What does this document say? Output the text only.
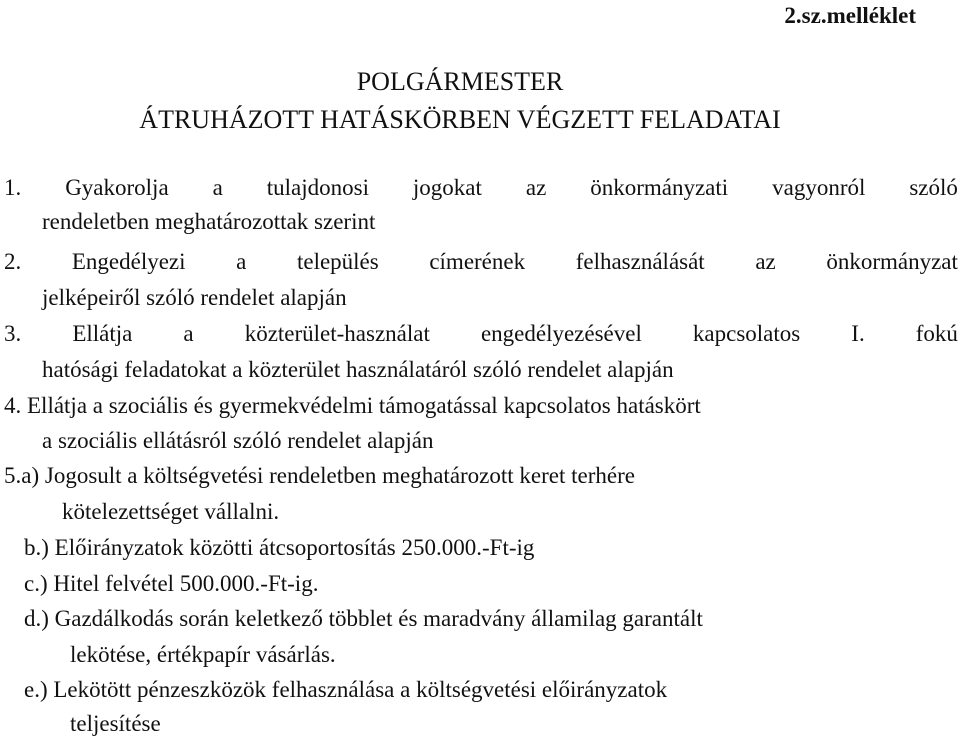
2.sz.melléklet
POLGÁRMESTER
ÁTRUHÁZOTT HATÁSKÖRBEN VÉGZETT FELADATAI
1. Gyakorolja a tulajdonosi jogokat az önkormányzati vagyonról szóló
rendeletben meghatározottak szerint
2. Engedélyezi a település címerének felhasználását az önkormányzat
jelképeiről szóló rendelet alapján
3. Ellátja a közterület-használat engedélyezésével kapcsolatos I. fokú
hatósági feladatokat a közterület használatáról szóló rendelet alapján
4. Ellátja a szociális és gyermekvédelmi támogatással kapcsolatos hatáskört
a szociális ellátásról szóló rendelet alapján
5.a) Jogosult a költségvetési rendeletben meghatározott keret terhére
kötelezettséget vállalni.
b.) Előirányzatok közötti átcsoportosítás 250.000.-Ft-ig
c.) Hitel felvétel 500.000.-Ft-ig.
d.) Gazdálkodás során keletkező többlet és maradvány államilag garantált
lekötése, értékpapír vásárlás.
e.) Lekötött pénzeszközök felhasználása a költségvetési előirányzatok
teljesítése
